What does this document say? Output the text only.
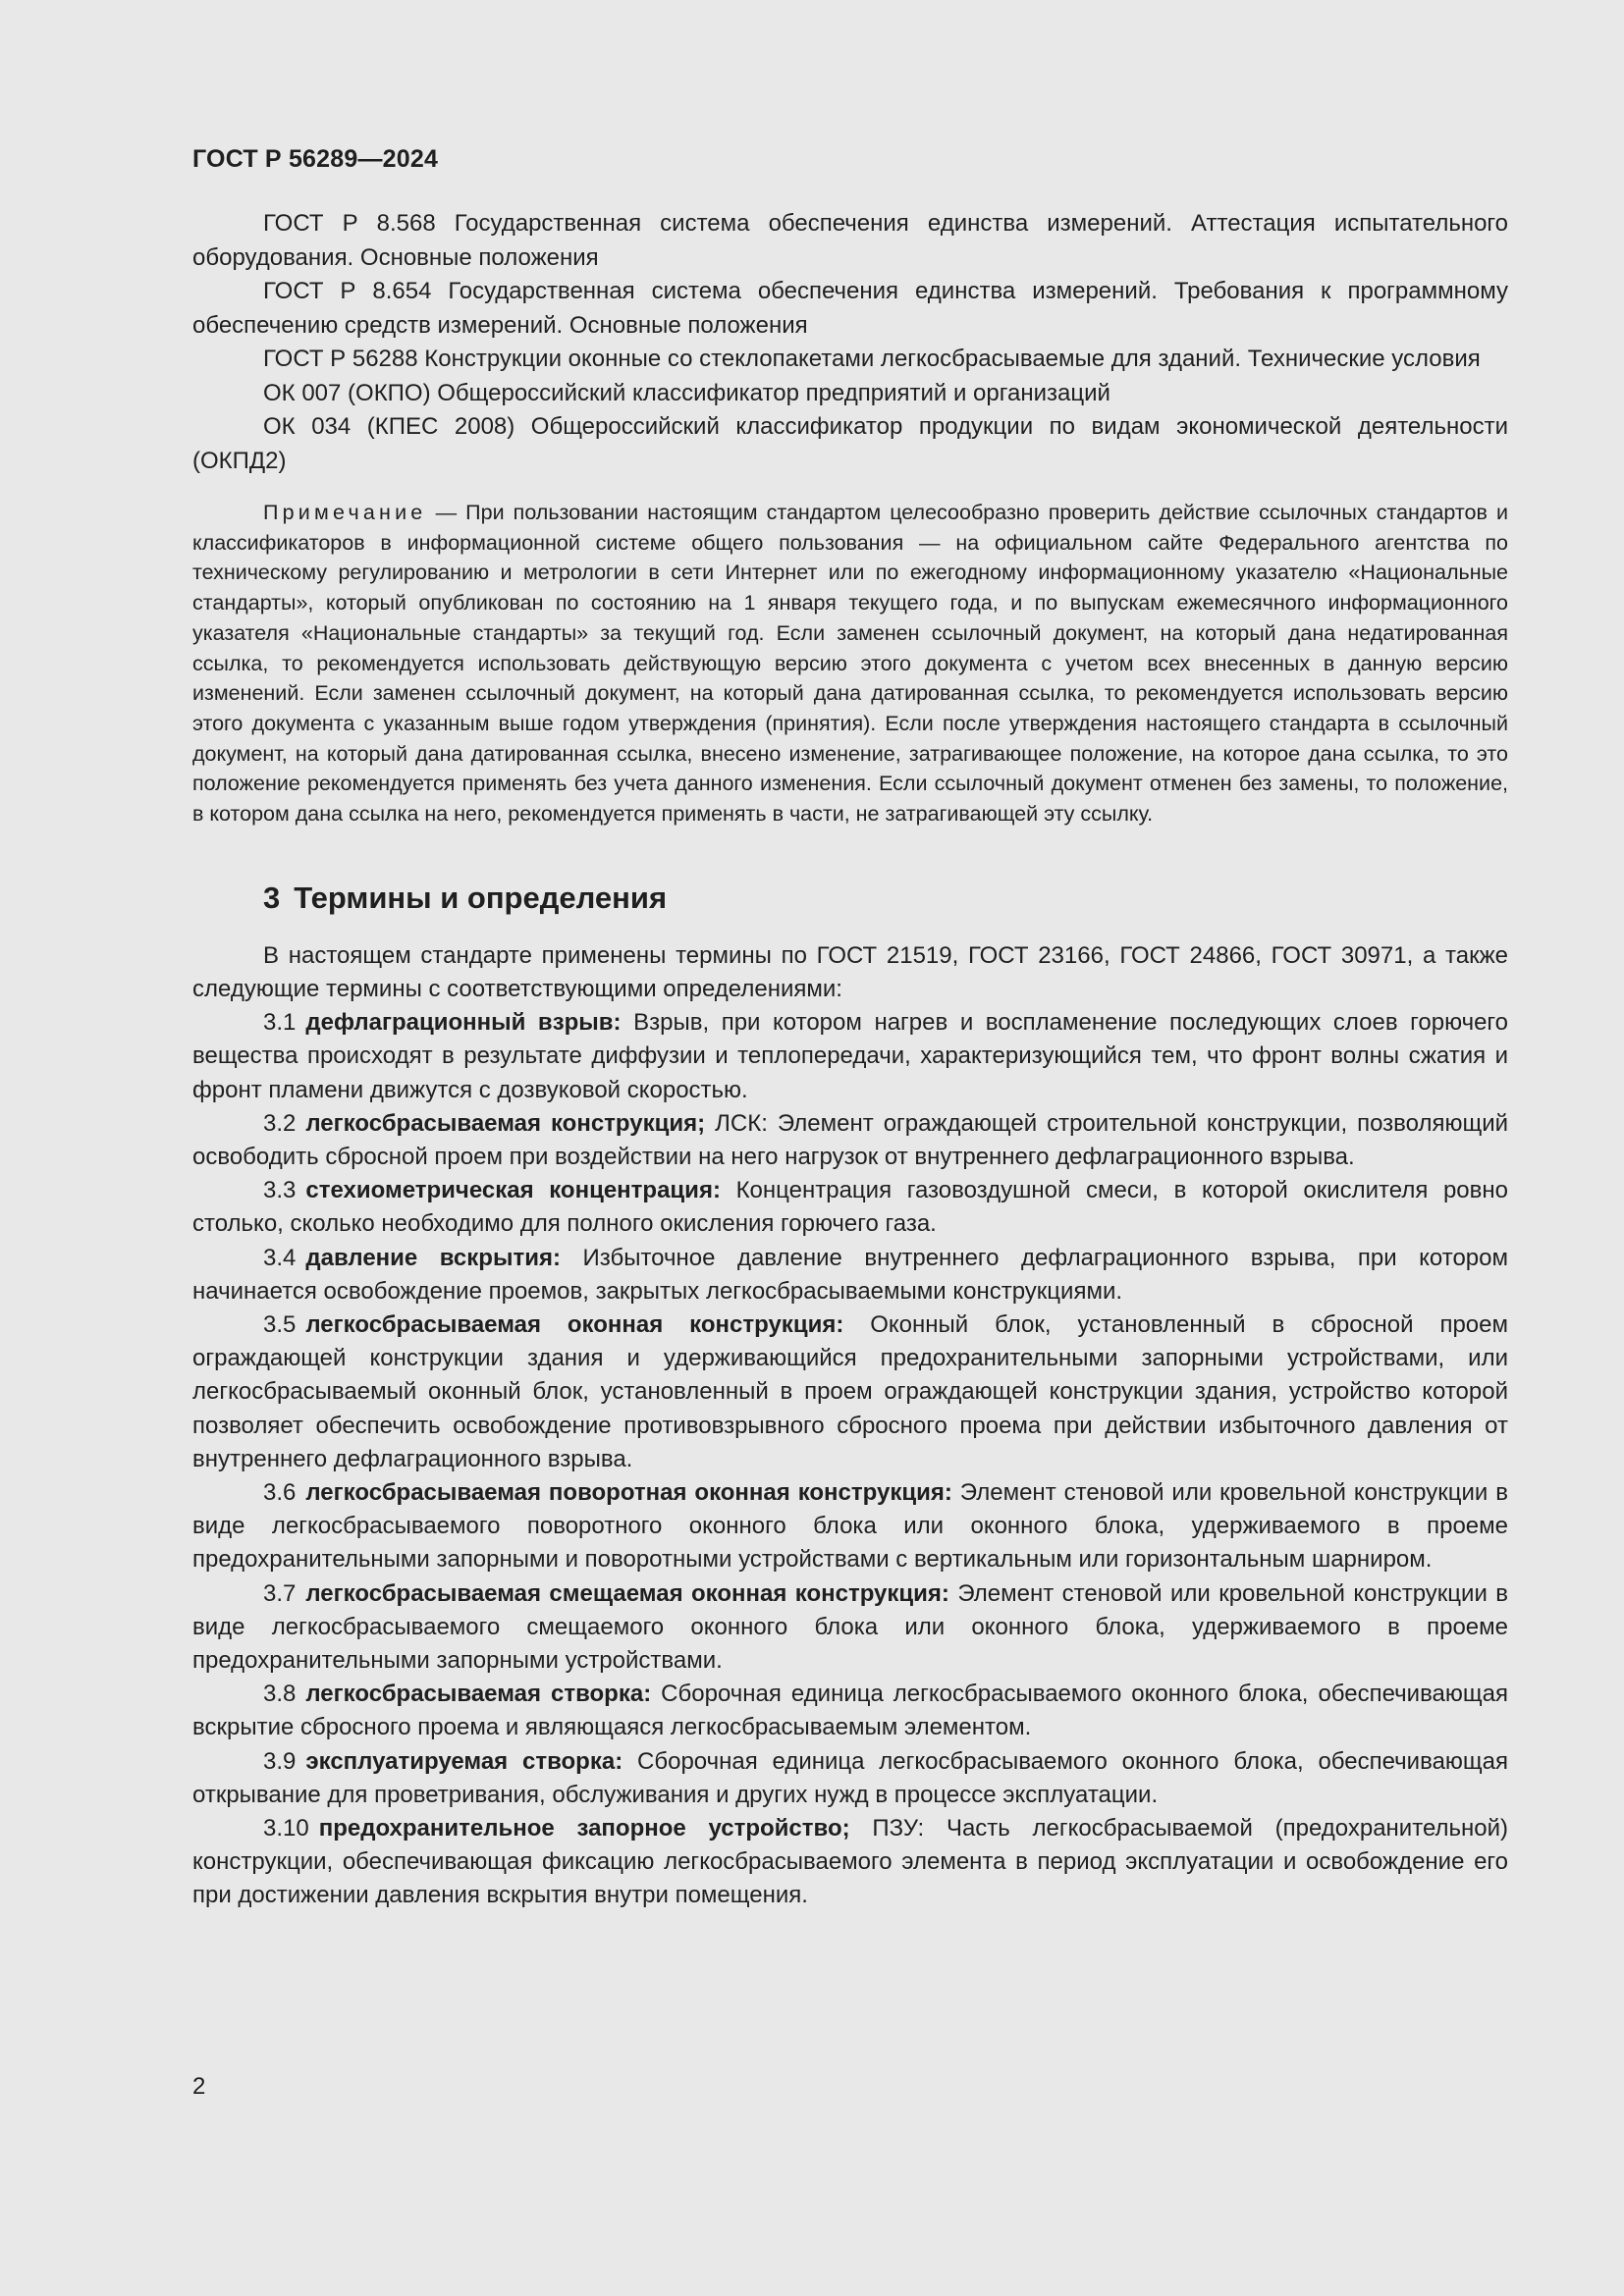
ГОСТ Р 56289—2024

ГОСТ Р 8.568 Государственная система обеспечения единства измерений. Аттестация испытательного оборудования. Основные положения

ГОСТ Р 8.654 Государственная система обеспечения единства измерений. Требования к программному обеспечению средств измерений. Основные положения

ГОСТ Р 56288 Конструкции оконные со стеклопакетами легкосбрасываемые для зданий. Технические условия

ОК 007 (ОКПО) Общероссийский классификатор предприятий и организаций

ОК 034 (КПЕС 2008) Общероссийский классификатор продукции по видам экономической деятельности (ОКПД2)

Примечание — При пользовании настоящим стандартом целесообразно проверить действие ссылочных стандартов и классификаторов в информационной системе общего пользования — на официальном сайте Федерального агентства по техническому регулированию и метрологии в сети Интернет или по ежегодному информационному указателю «Национальные стандарты», который опубликован по состоянию на 1 января текущего года, и по выпускам ежемесячного информационного указателя «Национальные стандарты» за текущий год. Если заменен ссылочный документ, на который дана недатированная ссылка, то рекомендуется использовать действующую версию этого документа с учетом всех внесенных в данную версию изменений. Если заменен ссылочный документ, на который дана датированная ссылка, то рекомендуется использовать версию этого документа с указанным выше годом утверждения (принятия). Если после утверждения настоящего стандарта в ссылочный документ, на который дана датированная ссылка, внесено изменение, затрагивающее положение, на которое дана ссылка, то это положение рекомендуется применять без учета данного изменения. Если ссылочный документ отменен без замены, то положение, в котором дана ссылка на него, рекомендуется применять в части, не затрагивающей эту ссылку.

3 Термины и определения

В настоящем стандарте применены термины по ГОСТ 21519, ГОСТ 23166, ГОСТ 24866, ГОСТ 30971, а также следующие термины с соответствующими определениями:

3.1 дефлаграционный взрыв: Взрыв, при котором нагрев и воспламенение последующих слоев горючего вещества происходят в результате диффузии и теплопередачи, характеризующийся тем, что фронт волны сжатия и фронт пламени движутся с дозвуковой скоростью.

3.2 легкосбрасываемая конструкция; ЛСК: Элемент ограждающей строительной конструкции, позволяющий освободить сбросной проем при воздействии на него нагрузок от внутреннего дефлаграционного взрыва.

3.3 стехиометрическая концентрация: Концентрация газовоздушной смеси, в которой окислителя ровно столько, сколько необходимо для полного окисления горючего газа.

3.4 давление вскрытия: Избыточное давление внутреннего дефлаграционного взрыва, при котором начинается освобождение проемов, закрытых легкосбрасываемыми конструкциями.

3.5 легкосбрасываемая оконная конструкция: Оконный блок, установленный в сбросной проем ограждающей конструкции здания и удерживающийся предохранительными запорными устройствами, или легкосбрасываемый оконный блок, установленный в проем ограждающей конструкции здания, устройство которой позволяет обеспечить освобождение противовзрывного сбросного проема при действии избыточного давления от внутреннего дефлаграционного взрыва.

3.6 легкосбрасываемая поворотная оконная конструкция: Элемент стеновой или кровельной конструкции в виде легкосбрасываемого поворотного оконного блока или оконного блока, удерживаемого в проеме предохранительными запорными и поворотными устройствами с вертикальным или горизонтальным шарниром.

3.7 легкосбрасываемая смещаемая оконная конструкция: Элемент стеновой или кровельной конструкции в виде легкосбрасываемого смещаемого оконного блока или оконного блока, удерживаемого в проеме предохранительными запорными устройствами.

3.8 легкосбрасываемая створка: Сборочная единица легкосбрасываемого оконного блока, обеспечивающая вскрытие сбросного проема и являющаяся легкосбрасываемым элементом.

3.9 эксплуатируемая створка: Сборочная единица легкосбрасываемого оконного блока, обеспечивающая открывание для проветривания, обслуживания и других нужд в процессе эксплуатации.

3.10 предохранительное запорное устройство; ПЗУ: Часть легкосбрасываемой (предохранительной) конструкции, обеспечивающая фиксацию легкосбрасываемого элемента в период эксплуатации и освобождение его при достижении давления вскрытия внутри помещения.

2
